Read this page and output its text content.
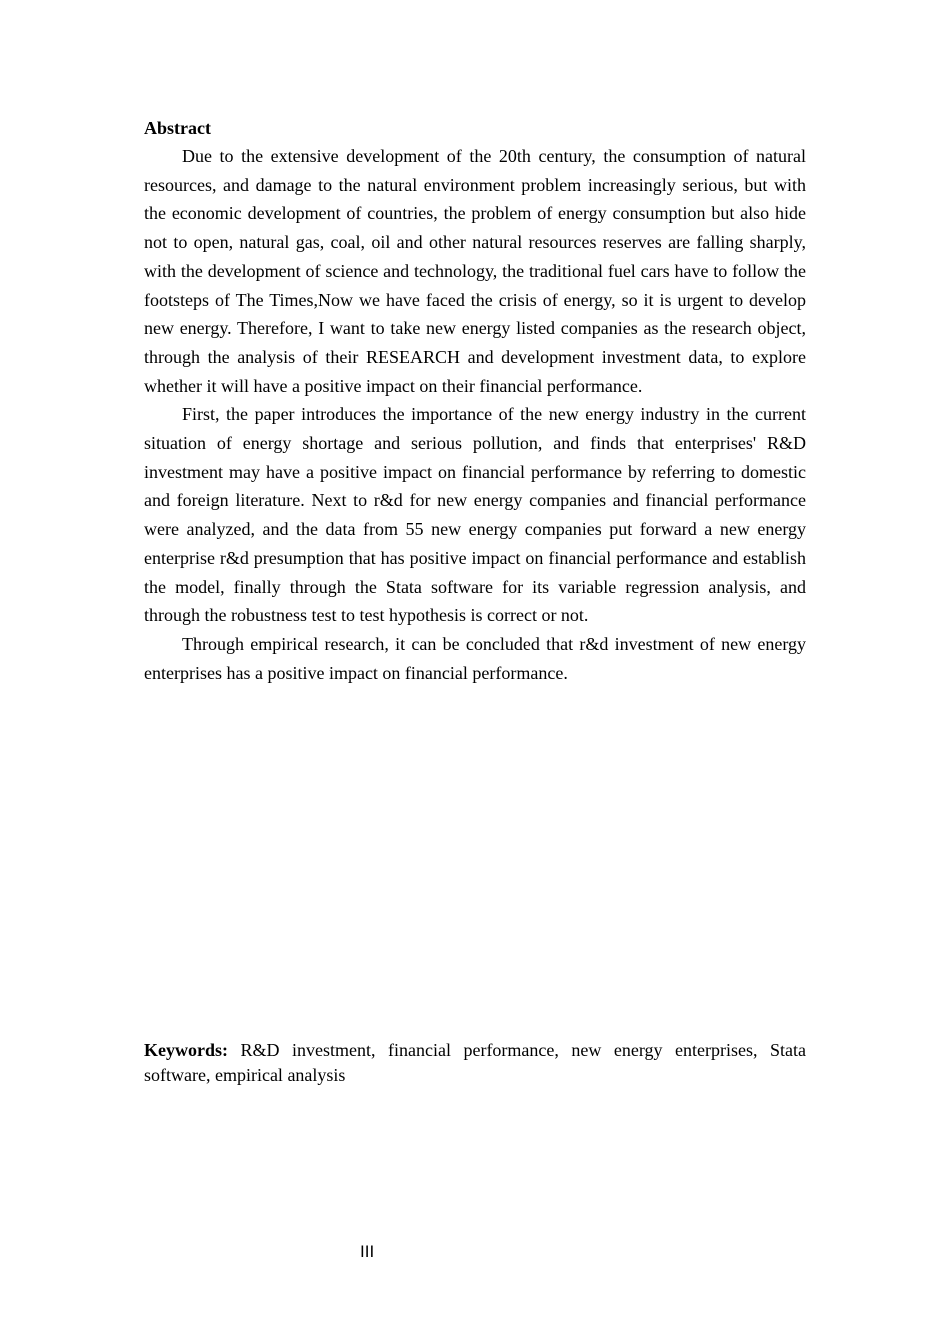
Abstract

Due to the extensive development of the 20th century, the consumption of natural resources, and damage to the natural environment problem increasingly serious, but with the economic development of countries, the problem of energy consumption but also hide not to open, natural gas, coal, oil and other natural resources reserves are falling sharply, with the development of science and technology, the traditional fuel cars have to follow the footsteps of The Times,Now we have faced the crisis of energy, so it is urgent to develop new energy. Therefore, I want to take new energy listed companies as the research object, through the analysis of their RESEARCH and development investment data, to explore whether it will have a positive impact on their financial performance.

First, the paper introduces the importance of the new energy industry in the current situation of energy shortage and serious pollution, and finds that enterprises' R&D investment may have a positive impact on financial performance by referring to domestic and foreign literature. Next to r&d for new energy companies and financial performance were analyzed, and the data from 55 new energy companies put forward a new energy enterprise r&d presumption that has positive impact on financial performance and establish the model, finally through the Stata software for its variable regression analysis, and through the robustness test to test hypothesis is correct or not.

Through empirical research, it can be concluded that r&d investment of new energy enterprises has a positive impact on financial performance.

Keywords: R&D investment, financial performance, new energy enterprises, Stata software, empirical analysis

III
